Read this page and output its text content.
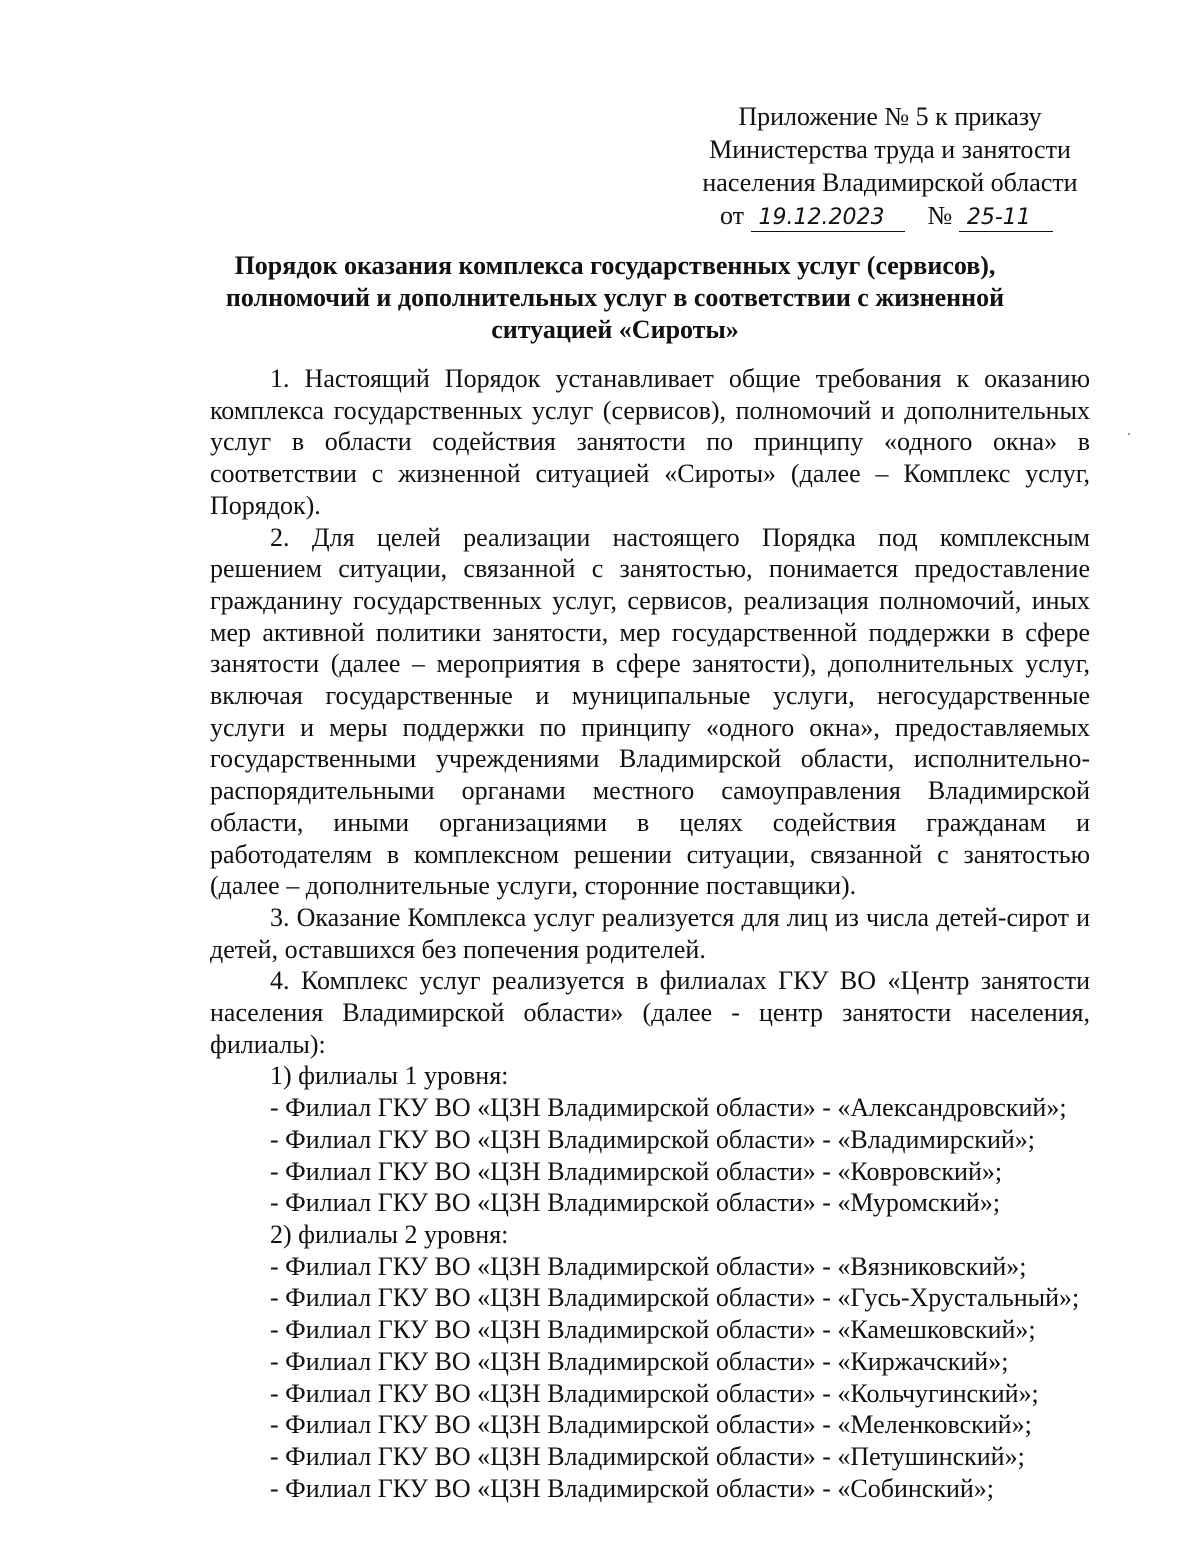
Приложение № 5 к приказу
Министерства труда и занятости
населения Владимирской области
от 19.12.2023 № 25-11
Порядок оказания комплекса государственных услуг (сервисов),
полномочий и дополнительных услуг в соответствии с жизненной
ситуацией «Сироты»

1. Настоящий Порядок устанавливает общие требования к оказанию комплекса государственных услуг (сервисов), полномочий и дополнительных услуг в области содействия занятости по принципу «одного окна» в соответствии с жизненной ситуацией «Сироты» (далее – Комплекс услуг, Порядок).

2. Для целей реализации настоящего Порядка под комплексным решением ситуации, связанной с занятостью, понимается предоставление гражданину государственных услуг, сервисов, реализация полномочий, иных мер активной политики занятости, мер государственной поддержки в сфере занятости (далее – мероприятия в сфере занятости), дополнительных услуг, включая государственные и муниципальные услуги, негосударственные услуги и меры поддержки по принципу «одного окна», предоставляемых государственными учреждениями Владимирской области, исполнительно-распорядительными органами местного самоуправления Владимирской области, иными организациями в целях содействия гражданам и работодателям в комплексном решении ситуации, связанной с занятостью (далее – дополнительные услуги, сторонние поставщики).

3. Оказание Комплекса услуг реализуется для лиц из числа детей-сирот и детей, оставшихся без попечения родителей.

4. Комплекс услуг реализуется в филиалах ГКУ ВО «Центр занятости населения Владимирской области» (далее - центр занятости населения, филиалы):

1) филиалы 1 уровня:

- Филиал ГКУ ВО «ЦЗН Владимирской области» - «Александровский»;

- Филиал ГКУ ВО «ЦЗН Владимирской области» - «Владимирский»;

- Филиал ГКУ ВО «ЦЗН Владимирской области» - «Ковровский»;

- Филиал ГКУ ВО «ЦЗН Владимирской области» - «Муромский»;

2) филиалы 2 уровня:

- Филиал ГКУ ВО «ЦЗН Владимирской области» - «Вязниковский»;

- Филиал ГКУ ВО «ЦЗН Владимирской области» - «Гусь-Хрустальный»;

- Филиал ГКУ ВО «ЦЗН Владимирской области» - «Камешковский»;

- Филиал ГКУ ВО «ЦЗН Владимирской области» - «Киржачский»;

- Филиал ГКУ ВО «ЦЗН Владимирской области» - «Кольчугинский»;

- Филиал ГКУ ВО «ЦЗН Владимирской области» - «Меленковский»;

- Филиал ГКУ ВО «ЦЗН Владимирской области» - «Петушинский»;

- Филиал ГКУ ВО «ЦЗН Владимирской области» - «Собинский»;
